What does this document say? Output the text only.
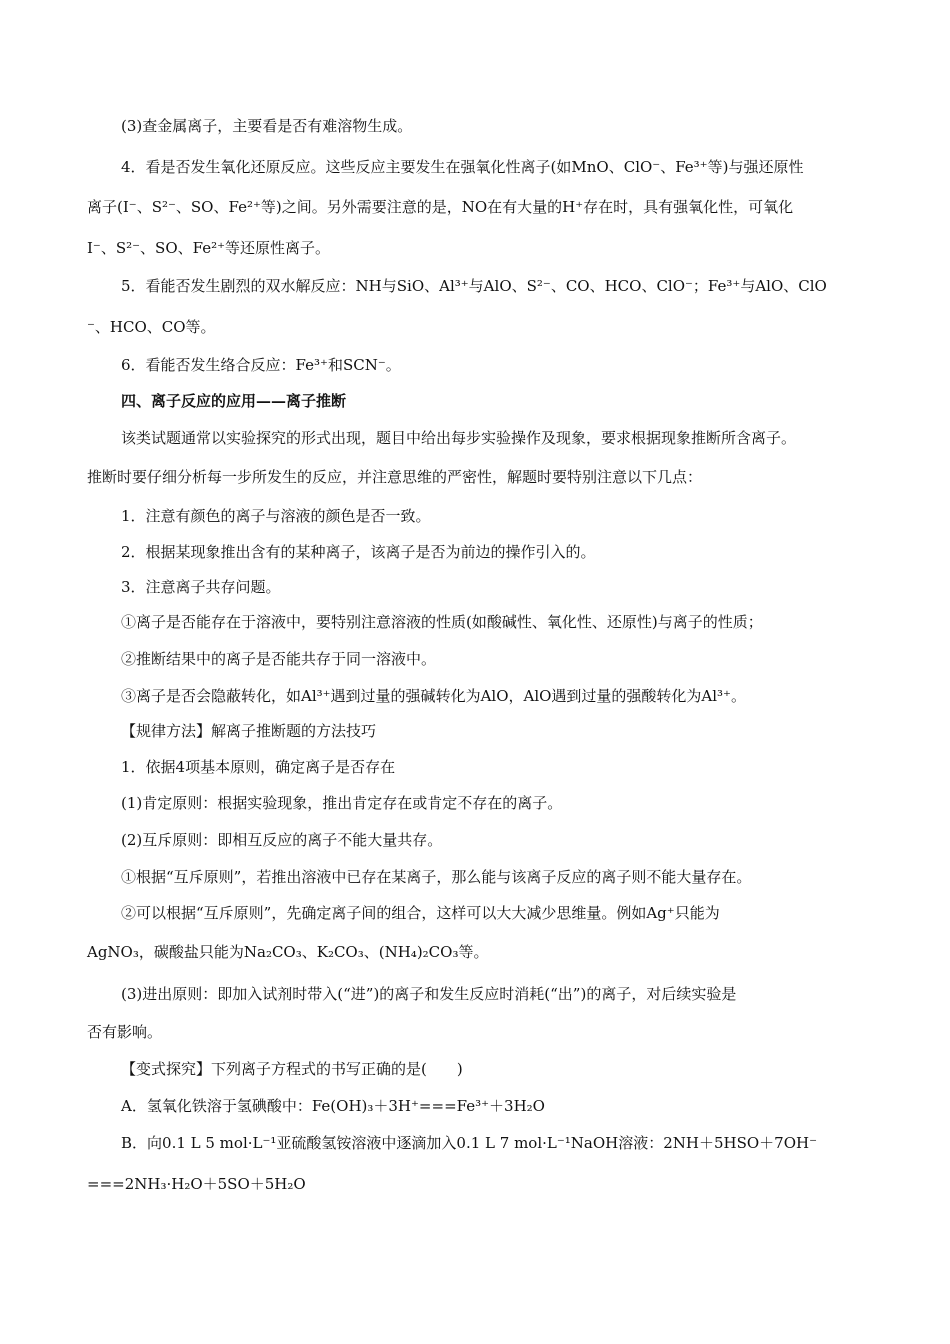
(3)查金属离子，主要看是否有难溶物生成。
4．看是否发生氧化还原反应。这些反应主要发生在强氧化性离子(如MnO、ClO⁻、Fe³⁺等)与强还原性
离子(I⁻、S²⁻、SO、Fe²⁺等)之间。另外需要注意的是，NO在有大量的H⁺存在时，具有强氧化性，可氧化
I⁻、S²⁻、SO、Fe²⁺等还原性离子。
5．看能否发生剧烈的双水解反应：NH与SiO、Al³⁺与AlO、S²⁻、CO、HCO、ClO⁻；Fe³⁺与AlO、ClO
⁻、HCO、CO等。
6．看能否发生络合反应：Fe³⁺和SCN⁻。
四、离子反应的应用——离子推断
该类试题通常以实验探究的形式出现，题目中给出每步实验操作及现象，要求根据现象推断所含离子。
推断时要仔细分析每一步所发生的反应，并注意思维的严密性，解题时要特别注意以下几点：
1．注意有颜色的离子与溶液的颜色是否一致。
2．根据某现象推出含有的某种离子，该离子是否为前边的操作引入的。
3．注意离子共存问题。
①离子是否能存在于溶液中，要特别注意溶液的性质(如酸碱性、氧化性、还原性)与离子的性质；
②推断结果中的离子是否能共存于同一溶液中。
③离子是否会隐蔽转化，如Al³⁺遇到过量的强碱转化为AlO，AlO遇到过量的强酸转化为Al³⁺。
【规律方法】解离子推断题的方法技巧
1．依据4项基本原则，确定离子是否存在
(1)肯定原则：根据实验现象，推出肯定存在或肯定不存在的离子。
(2)互斥原则：即相互反应的离子不能大量共存。
①根据“互斥原则”，若推出溶液中已存在某离子，那么能与该离子反应的离子则不能大量存在。
②可以根据“互斥原则”，先确定离子间的组合，这样可以大大减少思维量。例如Ag⁺只能为
AgNO₃，碳酸盐只能为Na₂CO₃、K₂CO₃、(NH₄)₂CO₃等。
(3)进出原则：即加入试剂时带入(“进”)的离子和发生反应时消耗(“出”)的离子，对后续实验是
否有影响。
【变式探究】下列离子方程式的书写正确的是(　　)
A．氢氧化铁溶于氢碘酸中：Fe(OH)₃＋3H⁺===Fe³⁺＋3H₂O
B．向0.1 L 5 mol·L⁻¹亚硫酸氢铵溶液中逐滴加入0.1 L 7 mol·L⁻¹NaOH溶液：2NH＋5HSO＋7OH⁻
===2NH₃·H₂O＋5SO＋5H₂O
